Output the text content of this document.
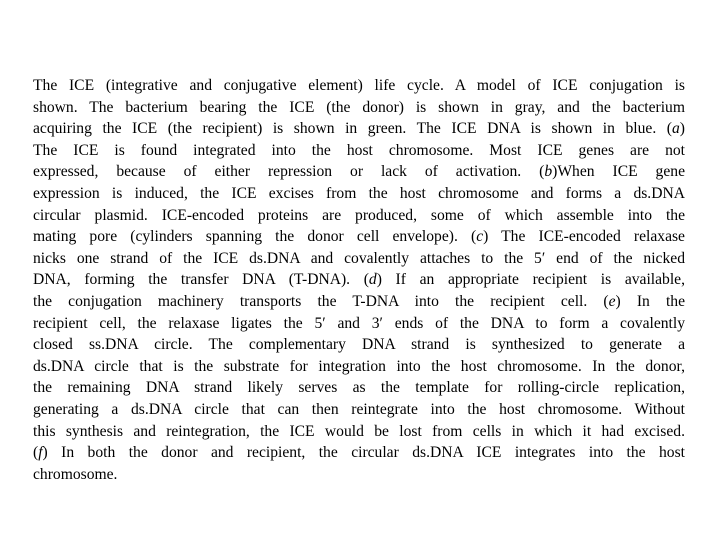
The ICE (integrative and conjugative element) life cycle. A model of ICE conjugation is
shown. The bacterium bearing the ICE (the donor) is shown in gray, and the bacterium
acquiring the ICE (the recipient) is shown in green. The ICE DNA is shown in blue. (a)
The ICE is found integrated into the host chromosome. Most ICE genes are not
expressed, because of either repression or lack of activation. (b)When ICE gene
expression is induced, the ICE excises from the host chromosome and forms a ds.DNA
circular plasmid. ICE-encoded proteins are produced, some of which assemble into the
mating pore (cylinders spanning the donor cell envelope). (c) The ICE-encoded relaxase
nicks one strand of the ICE ds.DNA and covalently attaches to the 5′ end of the nicked
DNA, forming the transfer DNA (T-DNA). (d) If an appropriate recipient is available,
the conjugation machinery transports the T-DNA into the recipient cell. (e) In the
recipient cell, the relaxase ligates the 5′ and 3′ ends of the DNA to form a covalently
closed ss.DNA circle. The complementary DNA strand is synthesized to generate a
ds.DNA circle that is the substrate for integration into the host chromosome. In the donor,
the remaining DNA strand likely serves as the template for rolling-circle replication,
generating a ds.DNA circle that can then reintegrate into the host chromosome. Without
this synthesis and reintegration, the ICE would be lost from cells in which it had excised.
(f) In both the donor and recipient, the circular ds.DNA ICE integrates into the host
chromosome.
